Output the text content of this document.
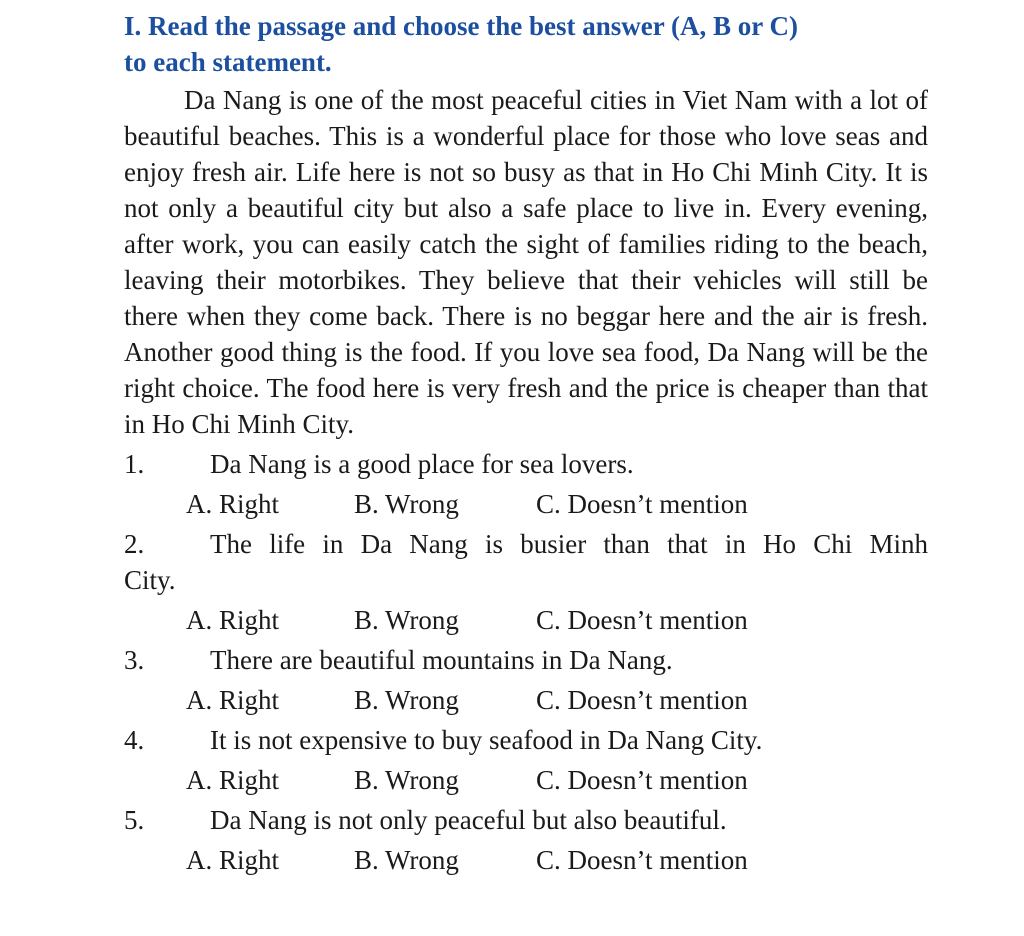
I. Read the passage and choose the best answer (A, B or C)
to each statement.

Da Nang is one of the most peaceful cities in Viet Nam with a lot of beautiful beaches. This is a wonderful place for those who love seas and enjoy fresh air. Life here is not so busy as that in Ho Chi Minh City. It is not only a beautiful city but also a safe place to live in. Every evening, after work, you can easily catch the sight of families riding to the beach, leaving their motorbikes. They believe that their vehicles will still be there when they come back. There is no beggar here and the air is fresh. Another good thing is the food. If you love sea food, Da Nang will be the right choice. The food here is very fresh and the price is cheaper than that in Ho Chi Minh City.

1.	Da Nang is a good place for sea lovers.
A. Right	B. Wrong	C. Doesn’t mention
2.	The life in Da Nang is busier than that in Ho Chi Minh

City.

A. Right	B. Wrong	C. Doesn’t mention
3.	There are beautiful mountains in Da Nang.
A. Right	B. Wrong	C. Doesn’t mention
4.	It is not expensive to buy seafood in Da Nang City.
A. Right	B. Wrong	C. Doesn’t mention
5.	Da Nang is not only peaceful but also beautiful.
A. Right	B. Wrong	C. Doesn’t mention
